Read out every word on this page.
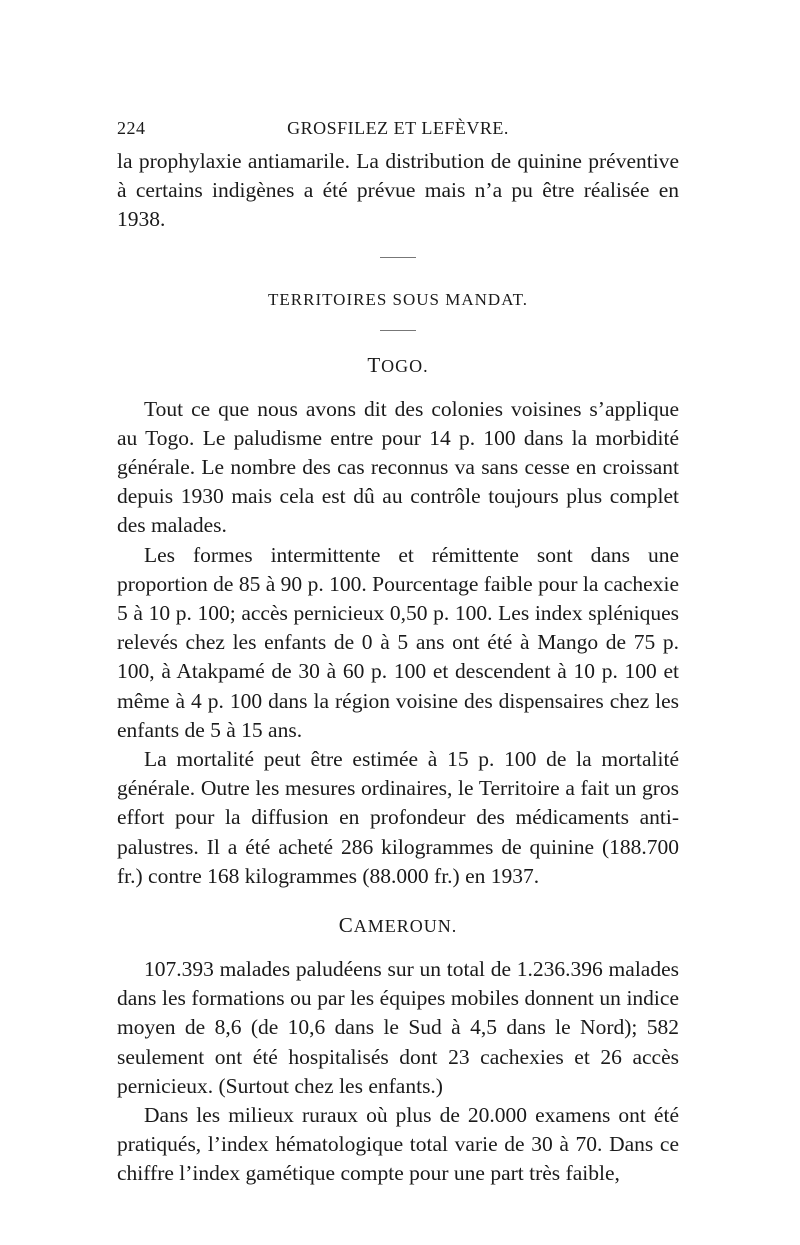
224	GROSFILEZ ET LEFÈVRE.

la prophylaxie antiamarile. La distribution de quinine préventive à certains indigènes a été prévue mais n’a pu être réalisée en 1938.

TERRITOIRES SOUS MANDAT.
TOGO.

Tout ce que nous avons dit des colonies voisines s’applique au Togo. Le paludisme entre pour 14 p. 100 dans la morbidité générale. Le nombre des cas reconnus va sans cesse en croissant depuis 1930 mais cela est dû au contrôle toujours plus complet des malades.

Les formes intermittente et rémittente sont dans une proportion de 85 à 90 p. 100. Pourcentage faible pour la cachexie 5 à 10 p. 100; accès pernicieux 0,50 p. 100. Les index spléniques relevés chez les enfants de 0 à 5 ans ont été à Mango de 75 p. 100, à Atakpamé de 30 à 60 p. 100 et descendent à 10 p. 100 et même à 4 p. 100 dans la région voisine des dispensaires chez les enfants de 5 à 15 ans.

La mortalité peut être estimée à 15 p. 100 de la mortalité générale. Outre les mesures ordinaires, le Territoire a fait un gros effort pour la diffusion en profondeur des médicaments anti-palustres. Il a été acheté 286 kilogrammes de quinine (188.700 fr.) contre 168 kilogrammes (88.000 fr.) en 1937.

CAMEROUN.

107.393 malades paludéens sur un total de 1.236.396 malades dans les formations ou par les équipes mobiles donnent un indice moyen de 8,6 (de 10,6 dans le Sud à 4,5 dans le Nord); 582 seulement ont été hospitalisés dont 23 cachexies et 26 accès pernicieux. (Surtout chez les enfants.)

Dans les milieux ruraux où plus de 20.000 examens ont été pratiqués, l’index hématologique total varie de 30 à 70. Dans ce chiffre l’index gamétique compte pour une part très faible,
